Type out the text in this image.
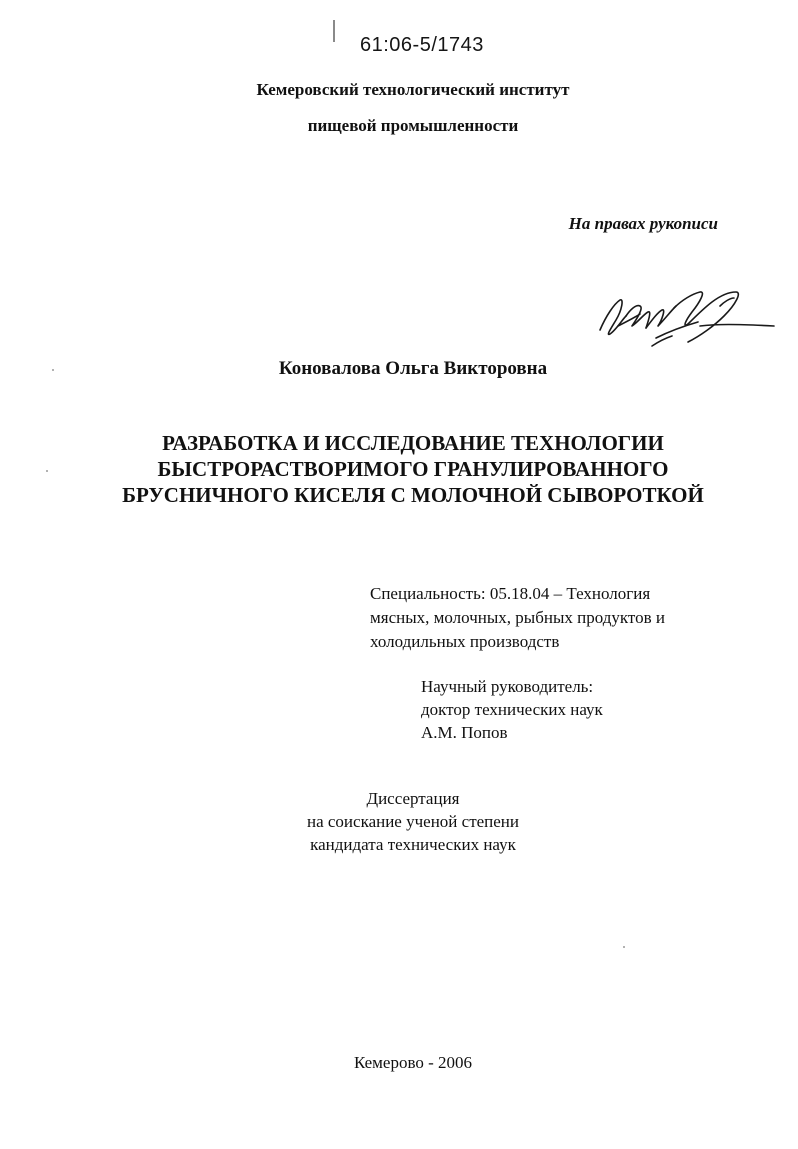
61:06-5/1743
Кемеровский технологический институт
пищевой промышленности
На правах рукописи
Коновалова Ольга Викторовна
РАЗРАБОТКА И ИССЛЕДОВАНИЕ ТЕХНОЛОГИИ
БЫСТРОРАСТВОРИМОГО ГРАНУЛИРОВАННОГО
БРУСНИЧНОГО КИСЕЛЯ С МОЛОЧНОЙ СЫВОРОТКОЙ
Специальность: 05.18.04 – Технология
мясных, молочных, рыбных продуктов и
холодильных производств
Научный руководитель:
доктор технических наук
А.М. Попов
Диссертация
на соискание ученой степени
кандидата технических наук
Кемерово - 2006
